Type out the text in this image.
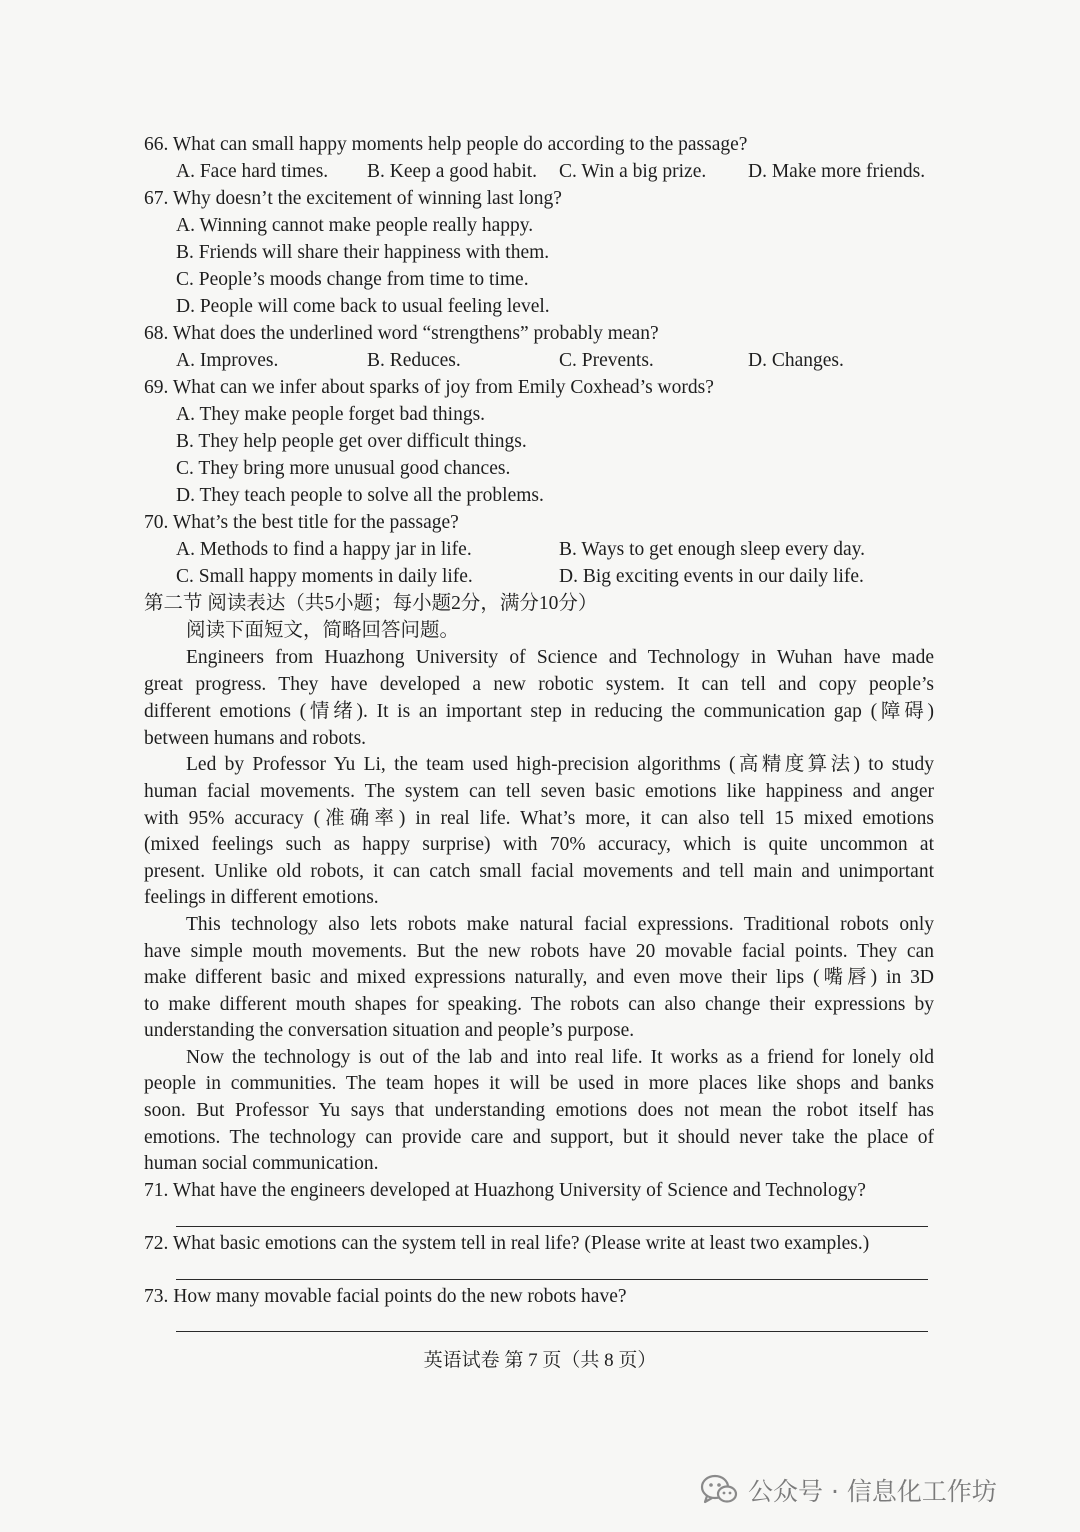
66. What can small happy moments help people do according to the passage?
A. Face hard times. B. Keep a good habit. C. Win a big prize. D. Make more friends.
67. Why doesn’t the excitement of winning last long?
A. Winning cannot make people really happy.
B. Friends will share their happiness with them.
C. People’s moods change from time to time.
D. People will come back to usual feeling level.
68. What does the underlined word “strengthens” probably mean?
A. Improves.	B. Reduces.	C. Prevents.	D. Changes.
69. What can we infer about sparks of joy from Emily Coxhead’s words?
A. They make people forget bad things.
B. They help people get over difficult things.
C. They bring more unusual good chances.
D. They teach people to solve all the problems.
70. What’s the best title for the passage?
A. Methods to find a happy jar in life.	B. Ways to get enough sleep every day.
C. Small happy moments in daily life.	D. Big exciting events in our daily life.
第二节 阅读表达（共5小题；每小题2分，满分10分）
阅读下面短文，简略回答问题。
Engineers from Huazhong University of Science and Technology in Wuhan have made
great progress. They have developed a new robotic system. It can tell and copy people’s
different emotions (情绪). It is an important step in reducing the communication gap (障碍)
between humans and robots.
Led by Professor Yu Li, the team used high-precision algorithms (高精度算法) to study
human facial movements. The system can tell seven basic emotions like happiness and anger
with 95% accuracy (准确率) in real life. What’s more, it can also tell 15 mixed emotions
(mixed feelings such as happy surprise) with 70% accuracy, which is quite uncommon at
present. Unlike old robots, it can catch small facial movements and tell main and unimportant
feelings in different emotions.
This technology also lets robots make natural facial expressions. Traditional robots only
have simple mouth movements. But the new robots have 20 movable facial points. They can
make different basic and mixed expressions naturally, and even move their lips (嘴唇) in 3D
to make different mouth shapes for speaking. The robots can also change their expressions by
understanding the conversation situation and people’s purpose.
Now the technology is out of the lab and into real life. It works as a friend for lonely old
people in communities. The team hopes it will be used in more places like shops and banks
soon. But Professor Yu says that understanding emotions does not mean the robot itself has
emotions. The technology can provide care and support, but it should never take the place of
human social communication.
71. What have the engineers developed at Huazhong University of Science and Technology?
72. What basic emotions can the system tell in real life? (Please write at least two examples.)
73. How many movable facial points do the new robots have?
英语试卷 第 7 页（共 8 页）
公众号 · 信息化工作坊
